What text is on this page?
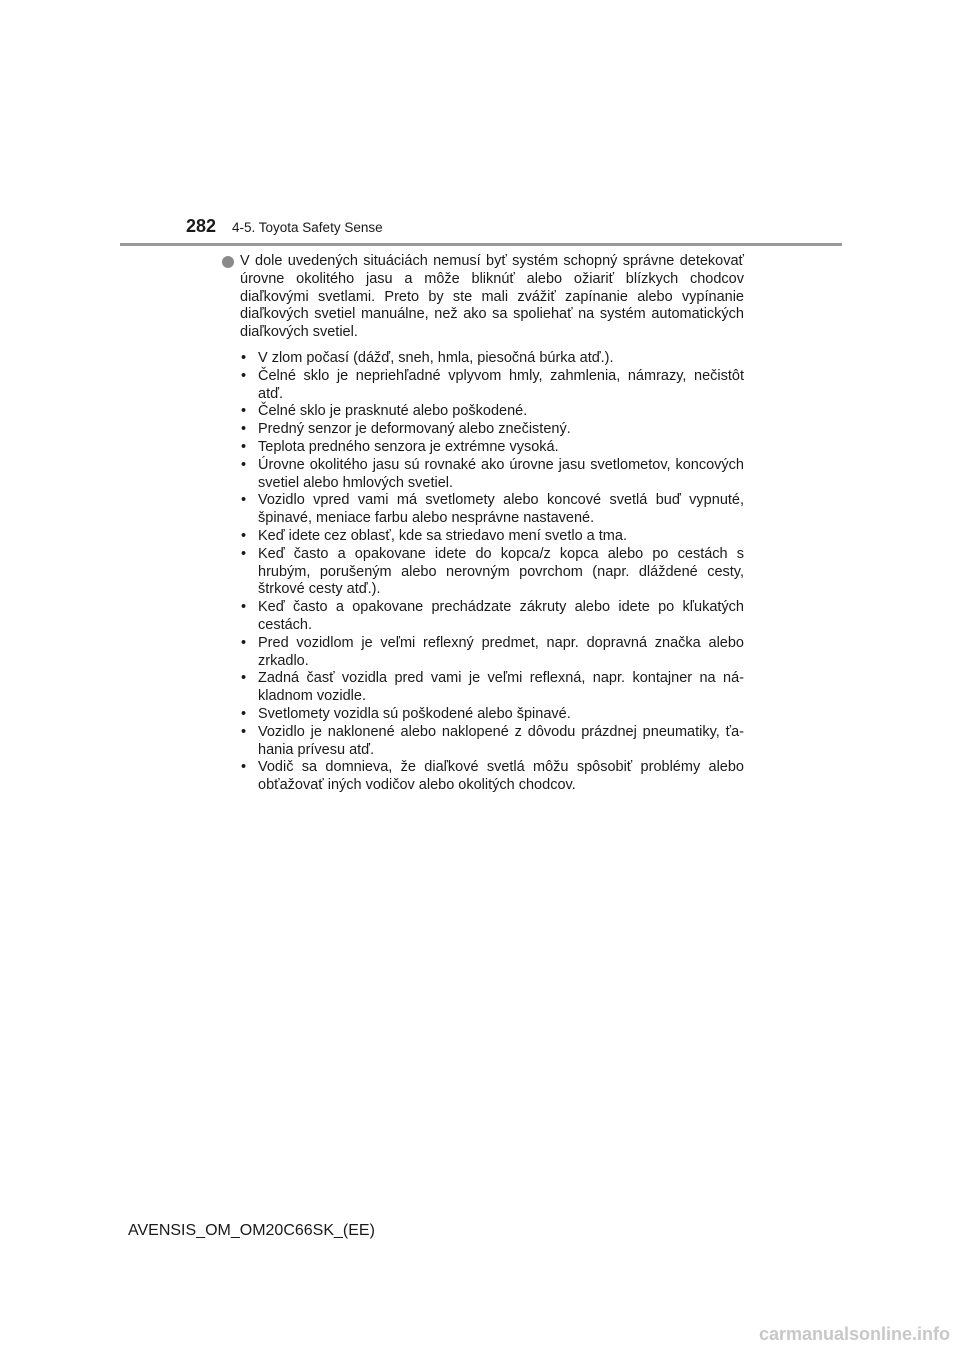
282 4-5. Toyota Safety Sense

V dole uvedených situáciách nemusí byť systém schopný správne detekovať úrovne okolitého jasu a môže bliknúť alebo ožiariť blízkych chodcov diaľkovými svetlami. Preto by ste mali zvážiť zapínanie alebo vypínanie diaľkových svetiel manuálne, než ako sa spoliehať na systém automatických diaľkových svetiel.

• V zlom počasí (dážď, sneh, hmla, piesočná búrka atď.).
• Čelné sklo je nepriehľadné vplyvom hmly, zahmlenia, námrazy, nečistôt atď.
• Čelné sklo je prasknuté alebo poškodené.
• Predný senzor je deformovaný alebo znečistený.
• Teplota predného senzora je extrémne vysoká.
• Úrovne okolitého jasu sú rovnaké ako úrovne jasu svetlometov, koncových svetiel alebo hmlových svetiel.
• Vozidlo vpred vami má svetlomety alebo koncové svetlá buď vypnuté, špinavé, meniace farbu alebo nesprávne nastavené.
• Keď idete cez oblasť, kde sa striedavo mení svetlo a tma.
• Keď často a opakovane idete do kopca/z kopca alebo po cestách s hrubým, porušeným alebo nerovným povrchom (napr. dláždené cesty, štrkové cesty atď.).
• Keď často a opakovane prechádzate zákruty alebo idete po kľukatých cestách.
• Pred vozidlom je veľmi reflexný predmet, napr. dopravná značka alebo zrkadlo.
• Zadná časť vozidla pred vami je veľmi reflexná, napr. kontajner na nákladnom vozidle.
• Svetlomety vozidla sú poškodené alebo špinavé.
• Vozidlo je naklonené alebo naklopené z dôvodu prázdnej pneumatiky, ťahania prívesu atď.
• Vodič sa domnieva, že diaľkové svetlá môžu spôsobiť problémy alebo obťažovať iných vodičov alebo okolitých chodcov.
AVENSIS_OM_OM20C66SK_(EE)
carmanualsonline.info
